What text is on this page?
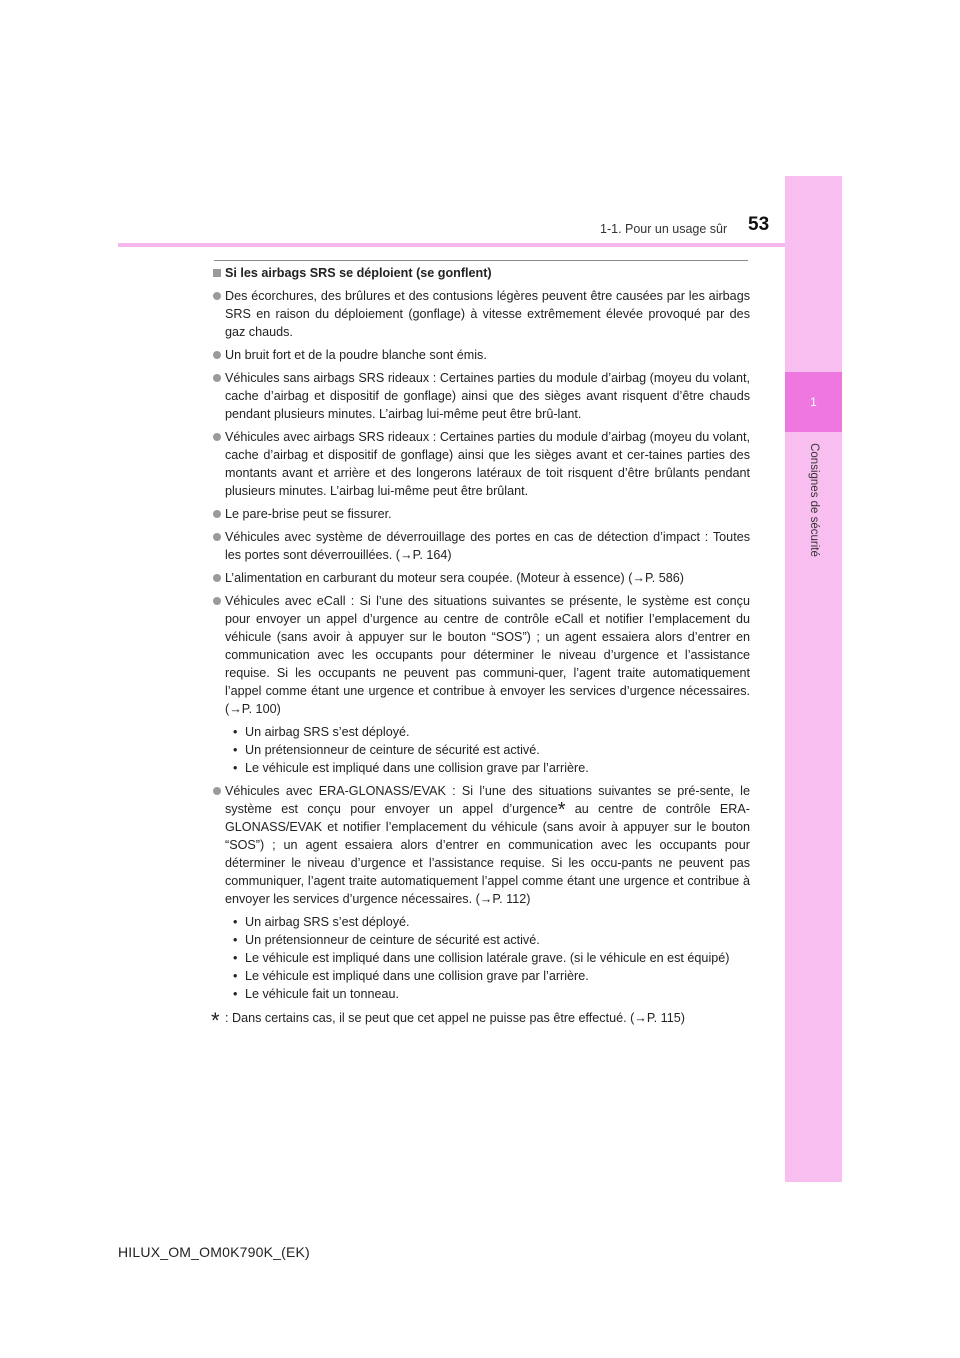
1
Consignes de sécurité
1-1. Pour un usage sûr 53
Si les airbags SRS se déploient (se gonflent)
Des écorchures, des brûlures et des contusions légères peuvent être causées par les airbags SRS en raison du déploiement (gonflage) à vitesse extrêmement élevée provoqué par des gaz chauds.
Un bruit fort et de la poudre blanche sont émis.
Véhicules sans airbags SRS rideaux : Certaines parties du module d’airbag (moyeu du volant, cache d’airbag et dispositif de gonflage) ainsi que des sièges avant risquent d’être chauds pendant plusieurs minutes. L’airbag lui-même peut être brû-lant.
Véhicules avec airbags SRS rideaux : Certaines parties du module d’airbag (moyeu du volant, cache d’airbag et dispositif de gonflage) ainsi que les sièges avant et cer-taines parties des montants avant et arrière et des longerons latéraux de toit risquent d’être brûlants pendant plusieurs minutes. L’airbag lui-même peut être brûlant.
Le pare-brise peut se fissurer.
Véhicules avec système de déverrouillage des portes en cas de détection d’impact : Toutes les portes sont déverrouillées. (→P. 164)
L’alimentation en carburant du moteur sera coupée. (Moteur à essence) (→P. 586)
Véhicules avec eCall : Si l’une des situations suivantes se présente, le système est conçu pour envoyer un appel d’urgence au centre de contrôle eCall et notifier l’emplacement du véhicule (sans avoir à appuyer sur le bouton “SOS”) ; un agent essaiera alors d’entrer en communication avec les occupants pour déterminer le niveau d’urgence et l’assistance requise. Si les occupants ne peuvent pas communi-quer, l’agent traite automatiquement l’appel comme étant une urgence et contribue à envoyer les services d’urgence nécessaires. (→P. 100)
• Un airbag SRS s’est déployé.
• Un prétensionneur de ceinture de sécurité est activé.
• Le véhicule est impliqué dans une collision grave par l’arrière.
Véhicules avec ERA-GLONASS/EVAK : Si l’une des situations suivantes se pré-sente, le système est conçu pour envoyer un appel d’urgence* au centre de contrôle ERA-GLONASS/EVAK et notifier l’emplacement du véhicule (sans avoir à appuyer sur le bouton “SOS”) ; un agent essaiera alors d’entrer en communication avec les occupants pour déterminer le niveau d’urgence et l’assistance requise. Si les occu-pants ne peuvent pas communiquer, l’agent traite automatiquement l’appel comme étant une urgence et contribue à envoyer les services d’urgence nécessaires. (→P. 112)
• Un airbag SRS s’est déployé.
• Un prétensionneur de ceinture de sécurité est activé.
• Le véhicule est impliqué dans une collision latérale grave. (si le véhicule en est équipé)
• Le véhicule est impliqué dans une collision grave par l’arrière.
• Le véhicule fait un tonneau.
* : Dans certains cas, il se peut que cet appel ne puisse pas être effectué. (→P. 115)
HILUX_OM_OM0K790K_(EK)
